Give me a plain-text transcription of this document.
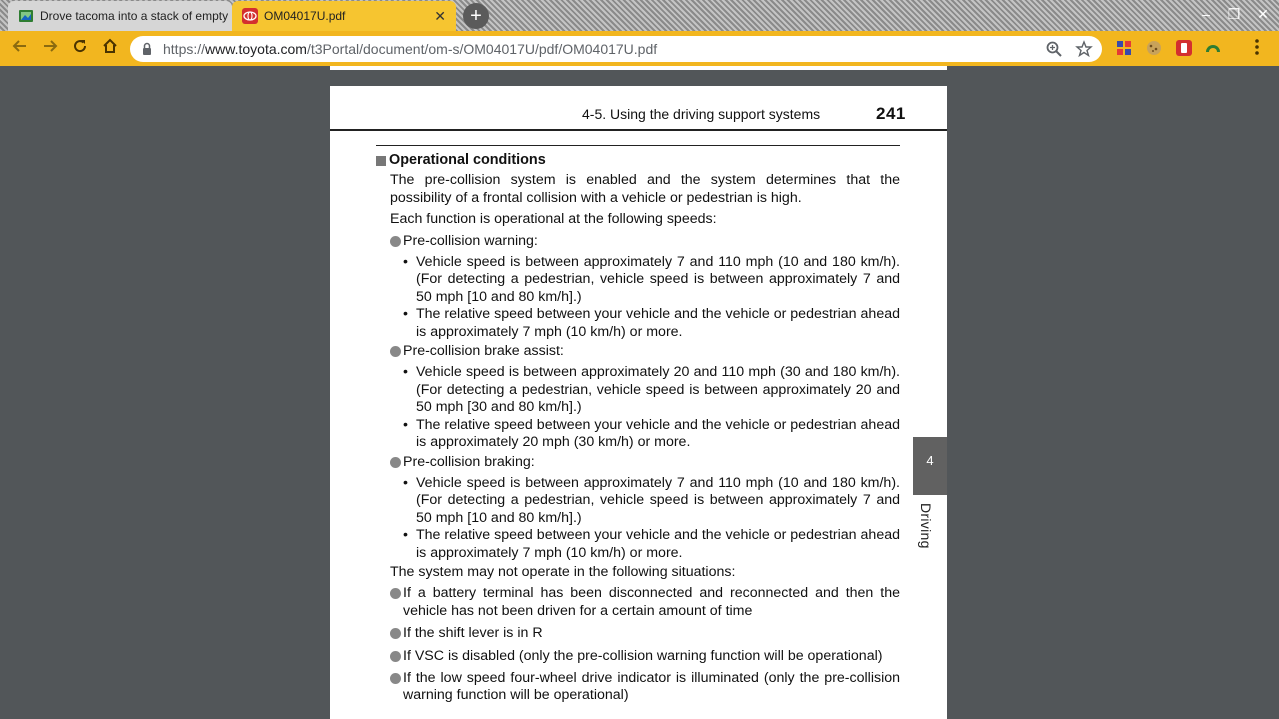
Drove tacoma into a stack of empty	OM04017U.pdf	✕	+	–	❐ ✕
https://www.toyota.com/t3Portal/document/om-s/OM04017U/pdf/OM04017U.pdf
4-5. Using the driving support systems	241
Operational conditions
The pre-collision system is enabled and the system determines that the possibility of a frontal collision with a vehicle or pedestrian is high.
Each function is operational at the following speeds:
Pre-collision warning:
• Vehicle speed is between approximately 7 and 110 mph (10 and 180 km/h). (For detecting a pedestrian, vehicle speed is between approximately 7 and 50 mph [10 and 80 km/h].)
• The relative speed between your vehicle and the vehicle or pedestrian ahead is approximately 7 mph (10 km/h) or more.
Pre-collision brake assist:
• Vehicle speed is between approximately 20 and 110 mph (30 and 180 km/h). (For detecting a pedestrian, vehicle speed is between approximately 20 and 50 mph [30 and 80 km/h].)
• The relative speed between your vehicle and the vehicle or pedestrian ahead is approximately 20 mph (30 km/h) or more.
Pre-collision braking:
• Vehicle speed is between approximately 7 and 110 mph (10 and 180 km/h). (For detecting a pedestrian, vehicle speed is between approximately 7 and 50 mph [10 and 80 km/h].)
• The relative speed between your vehicle and the vehicle or pedestrian ahead is approximately 7 mph (10 km/h) or more.
The system may not operate in the following situations:
If a battery terminal has been disconnected and reconnected and then the vehicle has not been driven for a certain amount of time
If the shift lever is in R
If VSC is disabled (only the pre-collision warning function will be operational)
If the low speed four-wheel drive indicator is illuminated (only the pre-collision warning function will be operational)
4
Driving
